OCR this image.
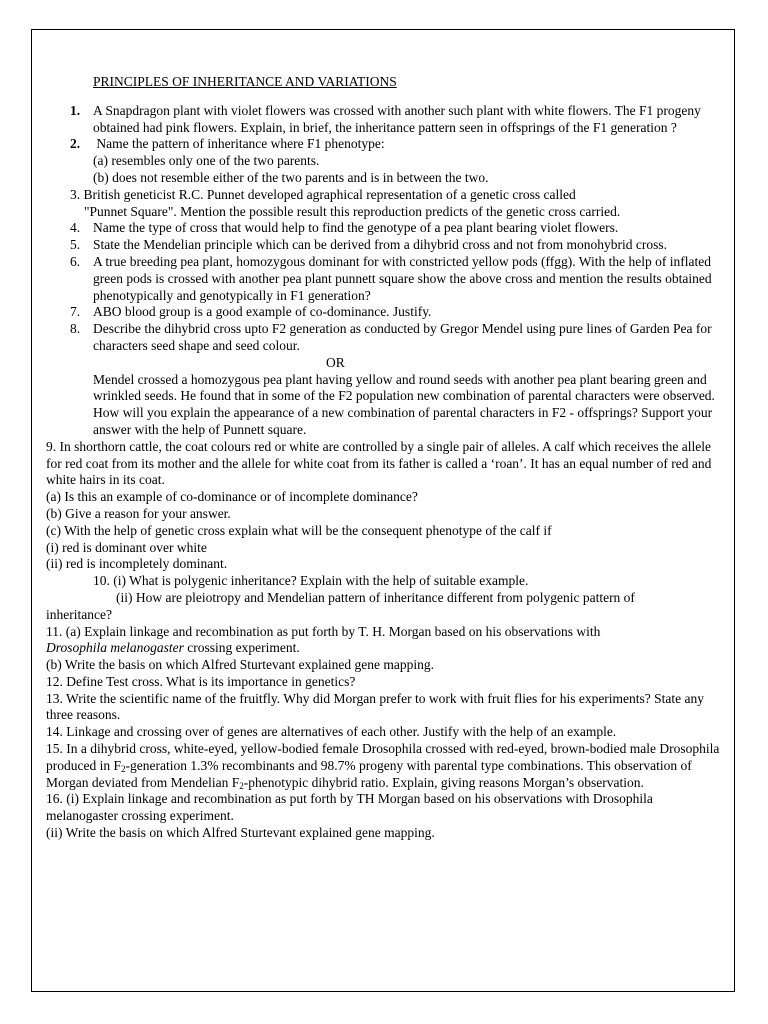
PRINCIPLES OF INHERITANCE AND VARIATIONS
1. A Snapdragon plant with violet flowers was crossed with another such plant with white flowers. The F1 progeny obtained had pink flowers. Explain, in brief, the inheritance pattern seen in offsprings of the F1 generation ?
2. Name the pattern of inheritance where F1 phenotype:
(a) resembles only one of the two parents.
(b) does not resemble either of the two parents and is in between the two.
3. British geneticist R.C. Punnet developed agraphical representation of a genetic cross called
"Punnet Square". Mention the possible result this reproduction predicts of the genetic cross carried.
4. Name the type of cross that would help to find the genotype of a pea plant bearing violet flowers.
5. State the Mendelian principle which can be derived from a dihybrid cross and not from monohybrid cross.
6. A true breeding pea plant, homozygous dominant for with constricted yellow pods (ffgg). With the help of inflated green pods is crossed with another pea plant punnett square show the above cross and mention the results obtained phenotypically and genotypically in F1 generation?
7. ABO blood group is a good example of co-dominance. Justify.
8. Describe the dihybrid cross upto F2 generation as conducted by Gregor Mendel using pure lines of Garden Pea for characters seed shape and seed colour.
OR
Mendel crossed a homozygous pea plant having yellow and round seeds with another pea plant bearing green and wrinkled seeds. He found that in some of the F2 population new combination of parental characters were observed.
How will you explain the appearance of a new combination of parental characters in F2 - offsprings? Support your answer with the help of Punnett square.
9. In shorthorn cattle, the coat colours red or white are controlled by a single pair of alleles. A calf which receives the allele for red coat from its mother and the allele for white coat from its father is called a ‘roan’. It has an equal number of red and white hairs in its coat.
(a) Is this an example of co-dominance or of incomplete dominance?
(b) Give a reason for your answer.
(c) With the help of genetic cross explain what will be the consequent phenotype of the calf if
(i) red is dominant over white
(ii) red is incompletely dominant.
10. (i) What is polygenic inheritance? Explain with the help of suitable example.
(ii) How are pleiotropy and Mendelian pattern of inheritance different from polygenic pattern of
inheritance?
11. (a) Explain linkage and recombination as put forth by T. H. Morgan based on his observations with
Drosophila melanogaster crossing experiment.
(b) Write the basis on which Alfred Sturtevant explained gene mapping.
12. Define Test cross. What is its importance in genetics?
13. Write the scientific name of the fruitfly. Why did Morgan prefer to work with fruit flies for his experiments? State any three reasons.
14. Linkage and crossing over of genes are alternatives of each other. Justify with the help of an example.
15. In a dihybrid cross, white-eyed, yellow-bodied female Drosophila crossed with red-eyed, brown-bodied male Drosophila produced in $F_2$-generation 1.3% recombinants and 98.7% progeny with parental type combinations. This observation of Morgan deviated from Mendelian $F_2$-phenotypic dihybrid ratio. Explain, giving reasons Morgan’s observation.
16. (i) Explain linkage and recombination as put forth by TH Morgan based on his observations with Drosophila melanogaster crossing experiment.
(ii) Write the basis on which Alfred Sturtevant explained gene mapping.
